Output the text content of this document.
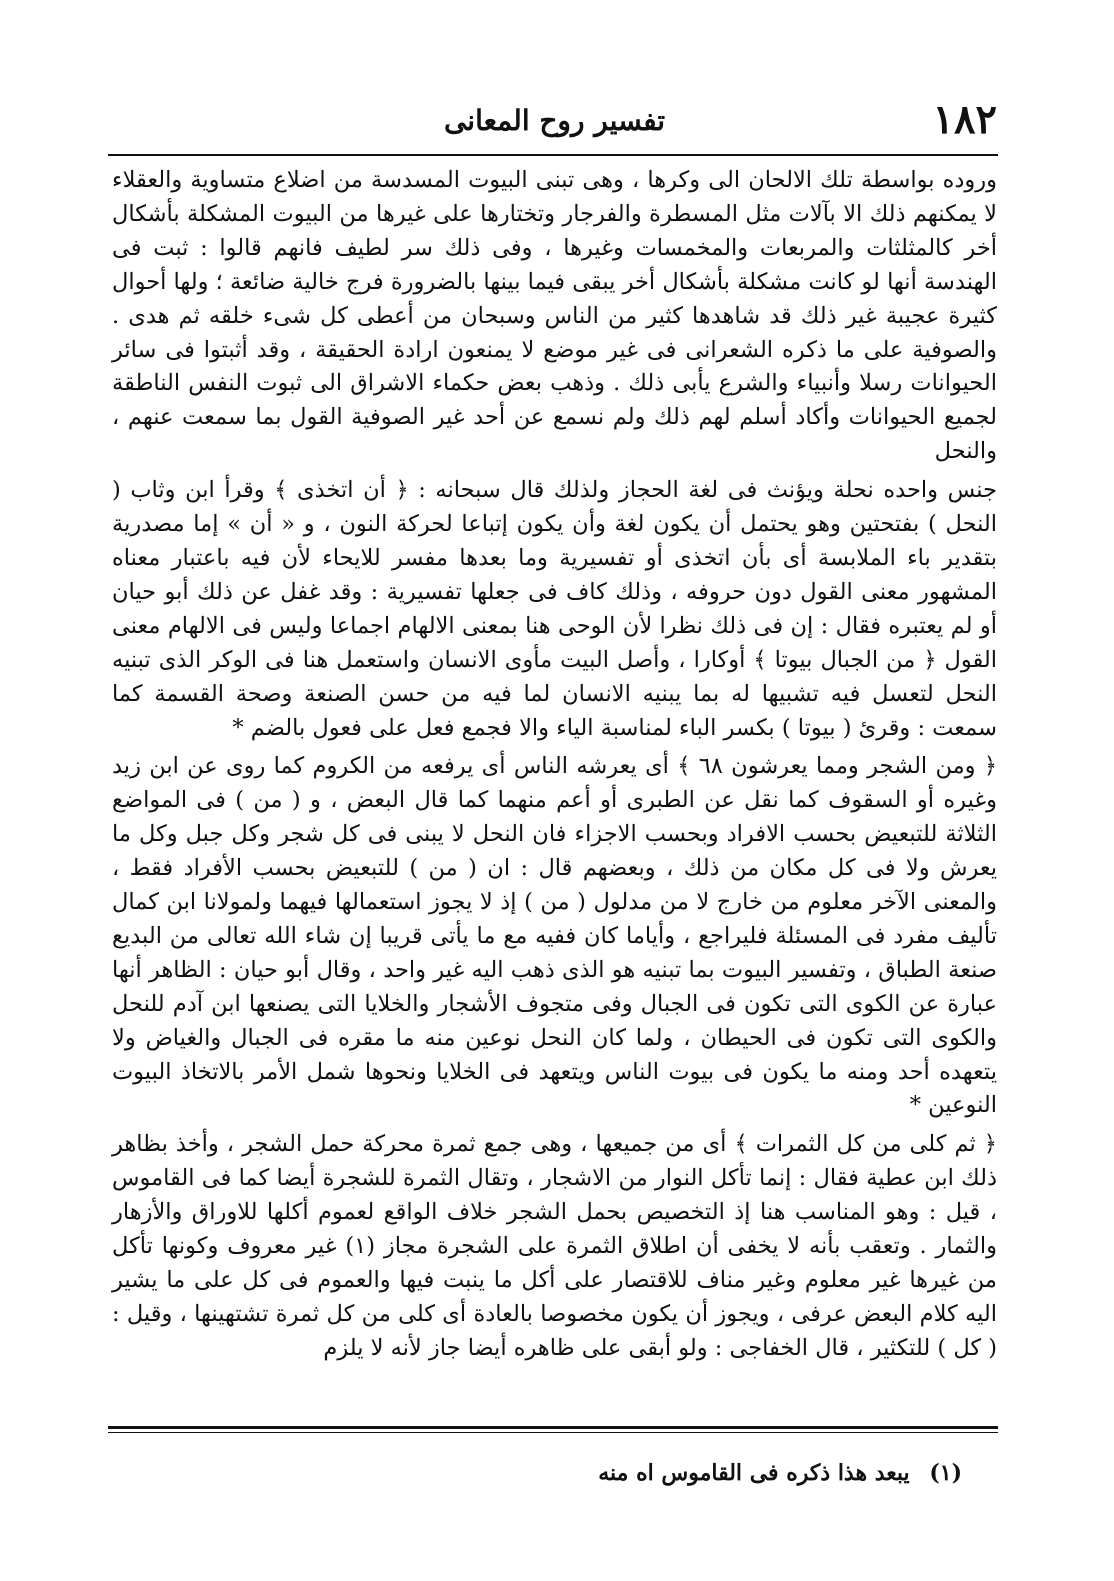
١٨٢
تفسير روح المعانى

وروده بواسطة تلك الالحان الى وكرها ، وهى تبنى البيوت المسدسة من اضلاع متساوية والعقلاء لا يمكنهم ذلك الا بآلات مثل المسطرة والفرجار وتختارها على غيرها من البيوت المشكلة بأشكال أخر كالمثلثات والمربعات والمخمسات وغيرها ، وفى ذلك سر لطيف فانهم قالوا : ثبت فى الهندسة أنها لو كانت مشكلة بأشكال أخر يبقى فيما بينها بالضرورة فرج خالية ضائعة ؛ ولها أحوال كثيرة عجيبة غير ذلك قد شاهدها كثير من الناس وسبحان من أعطى كل شىء خلقه ثم هدى . والصوفية على ما ذكره الشعرانى فى غير موضع لا يمنعون ارادة الحقيقة ، وقد أثبتوا فى سائر الحيوانات رسلا وأنبياء والشرع يأبى ذلك . وذهب بعض حكماء الاشراق الى ثبوت النفس الناطقة لجميع الحيوانات وأكاد أسلم لهم ذلك ولم نسمع عن أحد غير الصوفية القول بما سمعت عنهم ، والنحل

جنس واحده نحلة ويؤنث فى لغة الحجاز ولذلك قال سبحانه : ﴿ أن اتخذى ﴾ وقرأ ابن وثاب ( النحل ) بفتحتين وهو يحتمل أن يكون لغة وأن يكون إتباعا لحركة النون ، و « أن » إما مصدرية بتقدير باء الملابسة أى بأن اتخذى أو تفسيرية وما بعدها مفسر للايحاء لأن فيه باعتبار معناه المشهور معنى القول دون حروفه ، وذلك كاف فى جعلها تفسيرية : وقد غفل عن ذلك أبو حيان أو لم يعتبره فقال : إن فى ذلك نظرا لأن الوحى هنا بمعنى الالهام اجماعا وليس فى الالهام معنى القول ﴿ من الجبال بيوتا ﴾ أوكارا ، وأصل البيت مأوى الانسان واستعمل هنا فى الوكر الذى تبنيه النحل لتعسل فيه تشبيها له بما يبنيه الانسان لما فيه من حسن الصنعة وصحة القسمة كما سمعت : وقرئ ( بيوتا ) بكسر الباء لمناسبة الياء والا فجمع فعل على فعول بالضم *

﴿ ومن الشجر ومما يعرشون ٦٨ ﴾ أى يعرشه الناس أى يرفعه من الكروم كما روى عن ابن زيد وغيره أو السقوف كما نقل عن الطبرى أو أعم منهما كما قال البعض ، و ( من ) فى المواضع الثلاثة للتبعيض بحسب الافراد وبحسب الاجزاء فان النحل لا يبنى فى كل شجر وكل جبل وكل ما يعرش ولا فى كل مكان من ذلك ، وبعضهم قال : ان ( من ) للتبعيض بحسب الأفراد فقط ، والمعنى الآخر معلوم من خارج لا من مدلول ( من ) إذ لا يجوز استعمالها فيهما ولمولانا ابن كمال تأليف مفرد فى المسئلة فليراجع ، وأياما كان ففيه مع ما يأتى قريبا إن شاء الله تعالى من البديع صنعة الطباق ، وتفسير البيوت بما تبنيه هو الذى ذهب اليه غير واحد ، وقال أبو حيان : الظاهر أنها عبارة عن الكوى التى تكون فى الجبال وفى متجوف الأشجار والخلايا التى يصنعها ابن آدم للنحل والكوى التى تكون فى الحيطان ، ولما كان النحل نوعين منه ما مقره فى الجبال والغياض ولا يتعهده أحد ومنه ما يكون فى بيوت الناس ويتعهد فى الخلايا ونحوها شمل الأمر بالاتخاذ البيوت النوعين *

﴿ ثم كلى من كل الثمرات ﴾ أى من جميعها ، وهى جمع ثمرة محركة حمل الشجر ، وأخذ بظاهر ذلك ابن عطية فقال : إنما تأكل النوار من الاشجار ، وتقال الثمرة للشجرة أيضا كما فى القاموس ، قيل : وهو المناسب هنا إذ التخصيص بحمل الشجر خلاف الواقع لعموم أكلها للاوراق والأزهار والثمار . وتعقب بأنه لا يخفى أن اطلاق الثمرة على الشجرة مجاز (١) غير معروف وكونها تأكل من غيرها غير معلوم وغير مناف للاقتصار على أكل ما ينبت فيها والعموم فى كل على ما يشير اليه كلام البعض عرفى ، ويجوز أن يكون مخصوصا بالعادة أى كلى من كل ثمرة تشتهينها ، وقيل : ( كل ) للتكثير ، قال الخفاجى : ولو أبقى على ظاهره أيضا جاز لأنه لا يلزم

(١) يبعد هذا ذكره فى القاموس اه منه
